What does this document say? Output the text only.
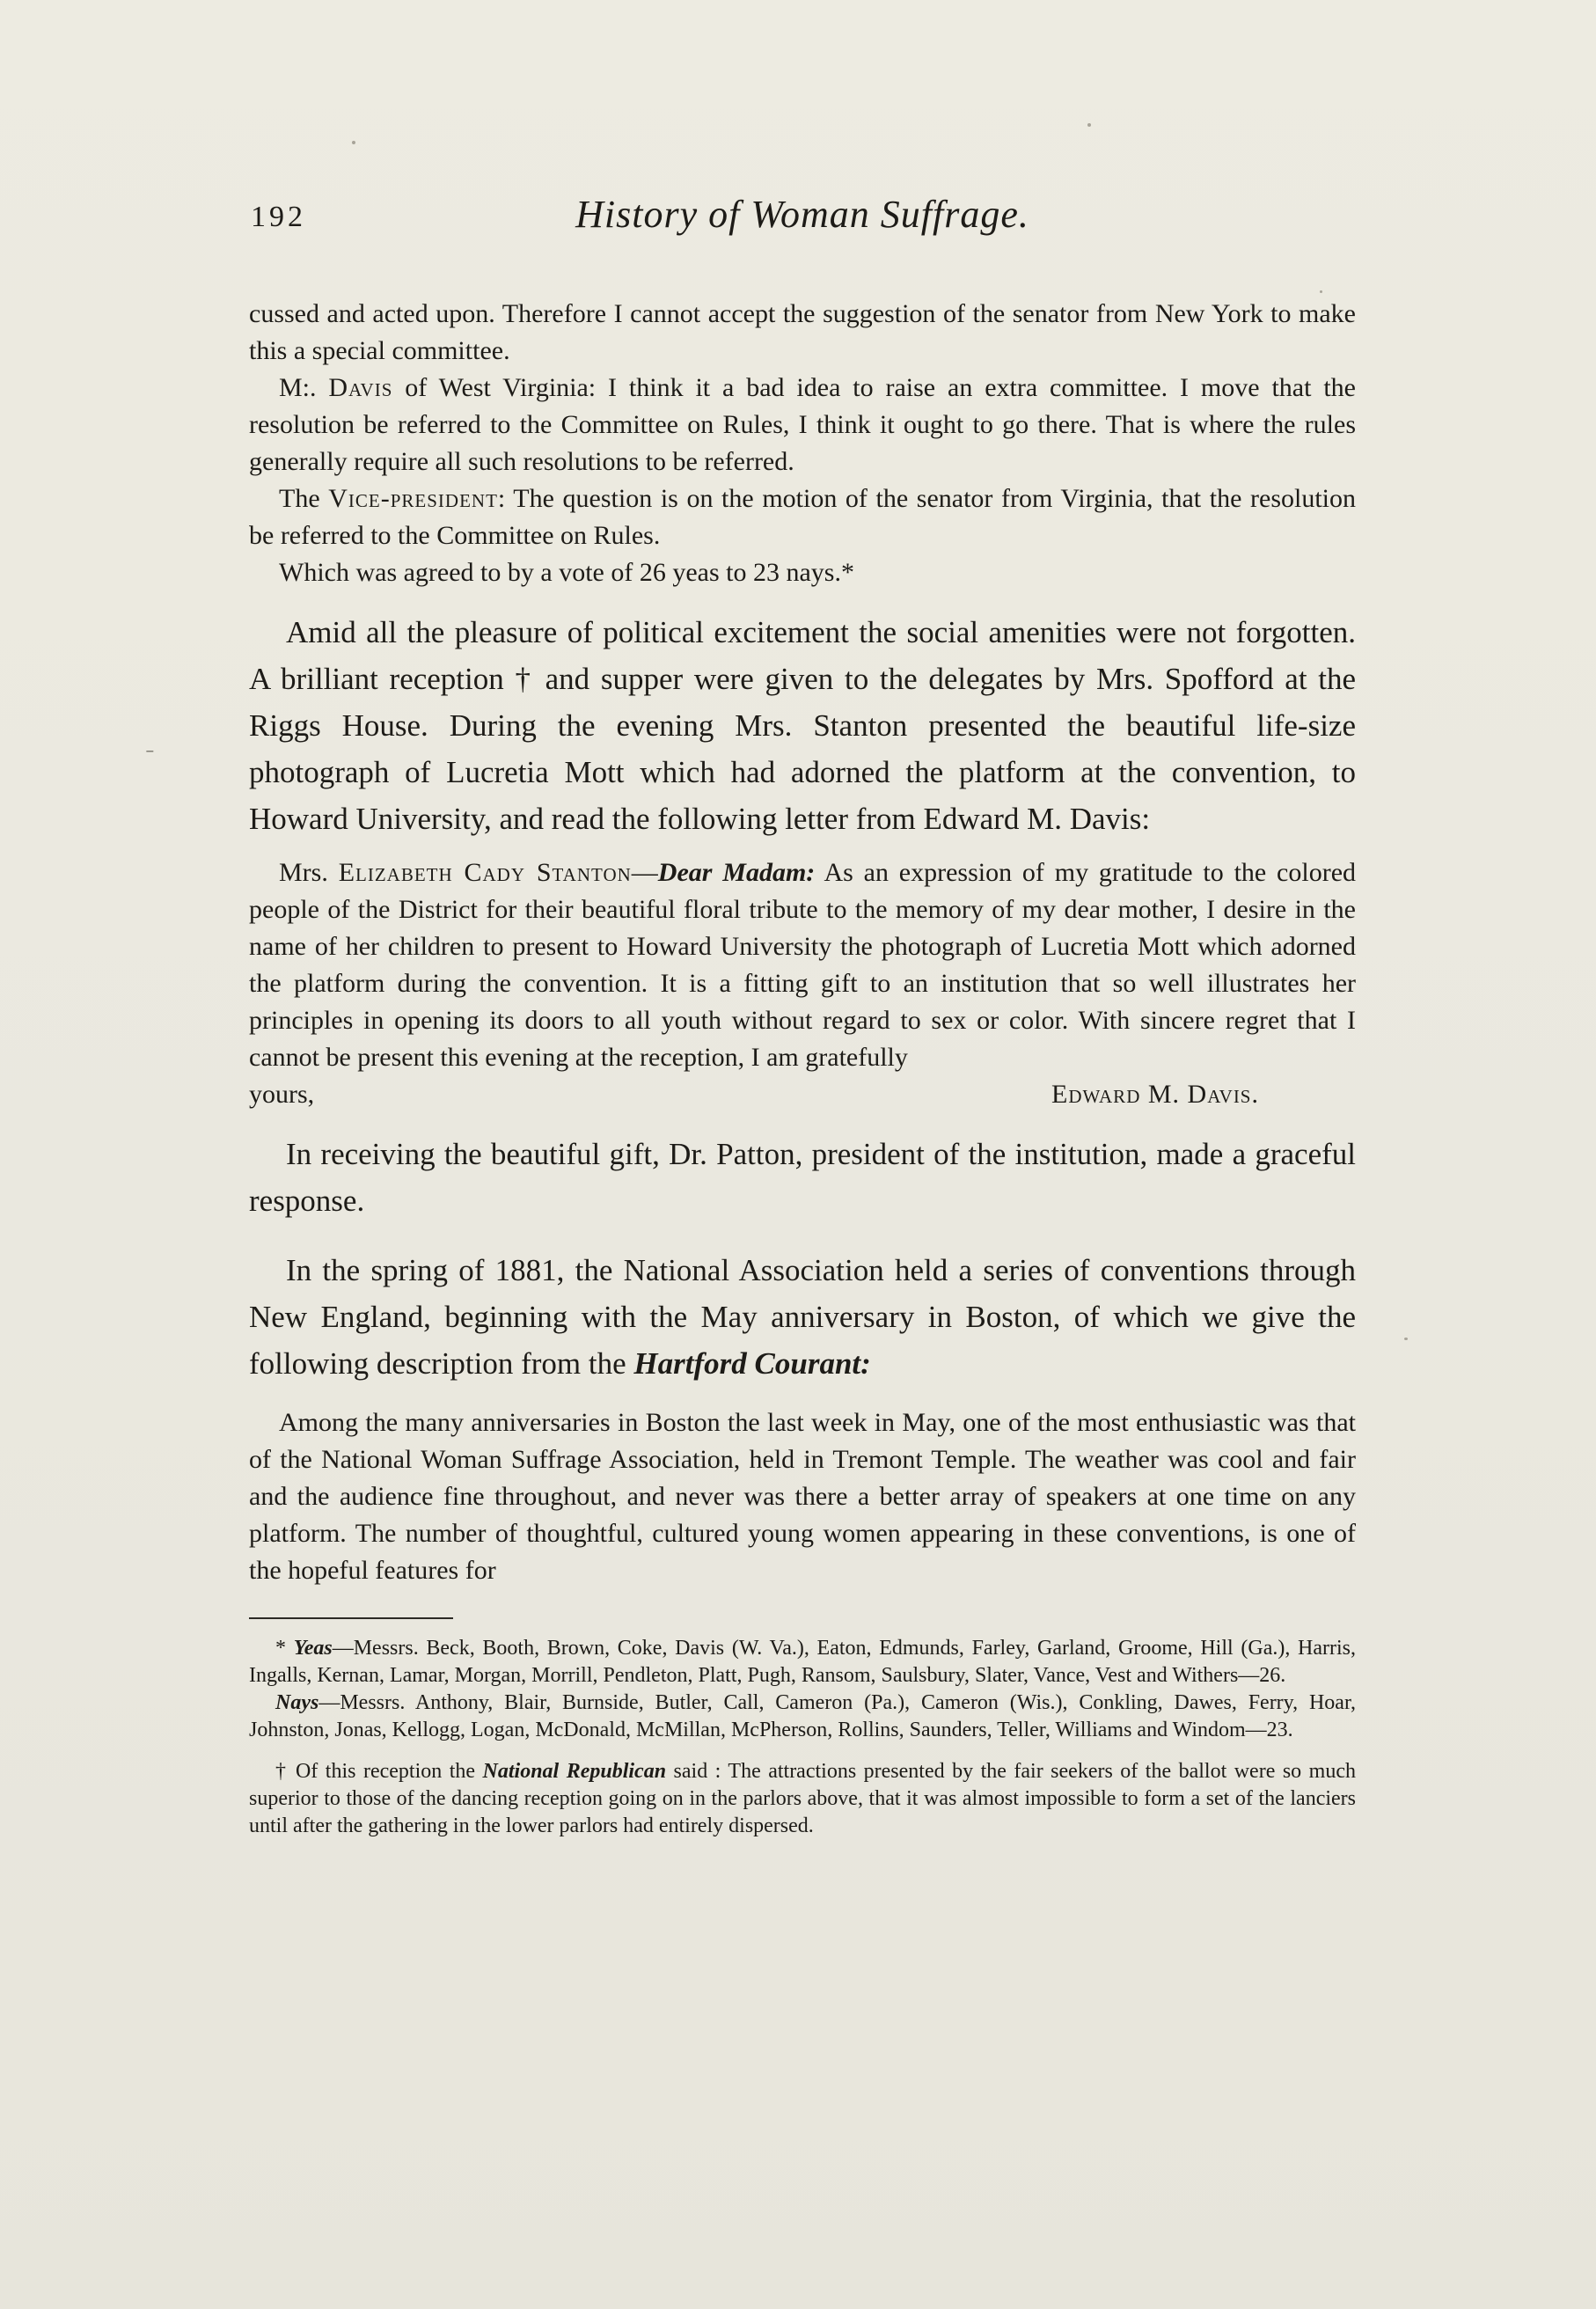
192	History of Woman Suffrage.

cussed and acted upon. Therefore I cannot accept the suggestion of the senator from New York to make this a special committee.

M:. Davis of West Virginia: I think it a bad idea to raise an extra committee. I move that the resolution be referred to the Committee on Rules, I think it ought to go there. That is where the rules generally require all such resolutions to be referred.

The Vice-president: The question is on the motion of the senator from Virginia, that the resolution be referred to the Committee on Rules.

Which was agreed to by a vote of 26 yeas to 23 nays.*

Amid all the pleasure of political excitement the social amenities were not forgotten. A brilliant reception † and supper were given to the delegates by Mrs. Spofford at the Riggs House. During the evening Mrs. Stanton presented the beautiful life-size photograph of Lucretia Mott which had adorned the platform at the convention, to Howard University, and read the following letter from Edward M. Davis:

Mrs. Elizabeth Cady Stanton—Dear Madam: As an expression of my gratitude to the colored people of the District for their beautiful floral tribute to the memory of my dear mother, I desire in the name of her children to present to Howard University the photograph of Lucretia Mott which adorned the platform during the convention. It is a fitting gift to an institution that so well illustrates her principles in opening its doors to all youth without regard to sex or color. With sincere regret that I cannot be present this evening at the reception, I am gratefully

yours,	Edward M. Davis.

In receiving the beautiful gift, Dr. Patton, president of the institution, made a graceful response.

In the spring of 1881, the National Association held a series of conventions through New England, beginning with the May anniversary in Boston, of which we give the following description from the Hartford Courant:

Among the many anniversaries in Boston the last week in May, one of the most enthusiastic was that of the National Woman Suffrage Association, held in Tremont Temple. The weather was cool and fair and the audience fine throughout, and never was there a better array of speakers at one time on any platform. The number of thoughtful, cultured young women appearing in these conventions, is one of the hopeful features for

* Yeas—Messrs. Beck, Booth, Brown, Coke, Davis (W. Va.), Eaton, Edmunds, Farley, Garland, Groome, Hill (Ga.), Harris, Ingalls, Kernan, Lamar, Morgan, Morrill, Pendleton, Platt, Pugh, Ransom, Saulsbury, Slater, Vance, Vest and Withers—26.

Nays—Messrs. Anthony, Blair, Burnside, Butler, Call, Cameron (Pa.), Cameron (Wis.), Conkling, Dawes, Ferry, Hoar, Johnston, Jonas, Kellogg, Logan, McDonald, McMillan, McPherson, Rollins, Saunders, Teller, Williams and Windom—23.

† Of this reception the National Republican said : The attractions presented by the fair seekers of the ballot were so much superior to those of the dancing reception going on in the parlors above, that it was almost impossible to form a set of the lanciers until after the gathering in the lower parlors had entirely dispersed.

ˍ
